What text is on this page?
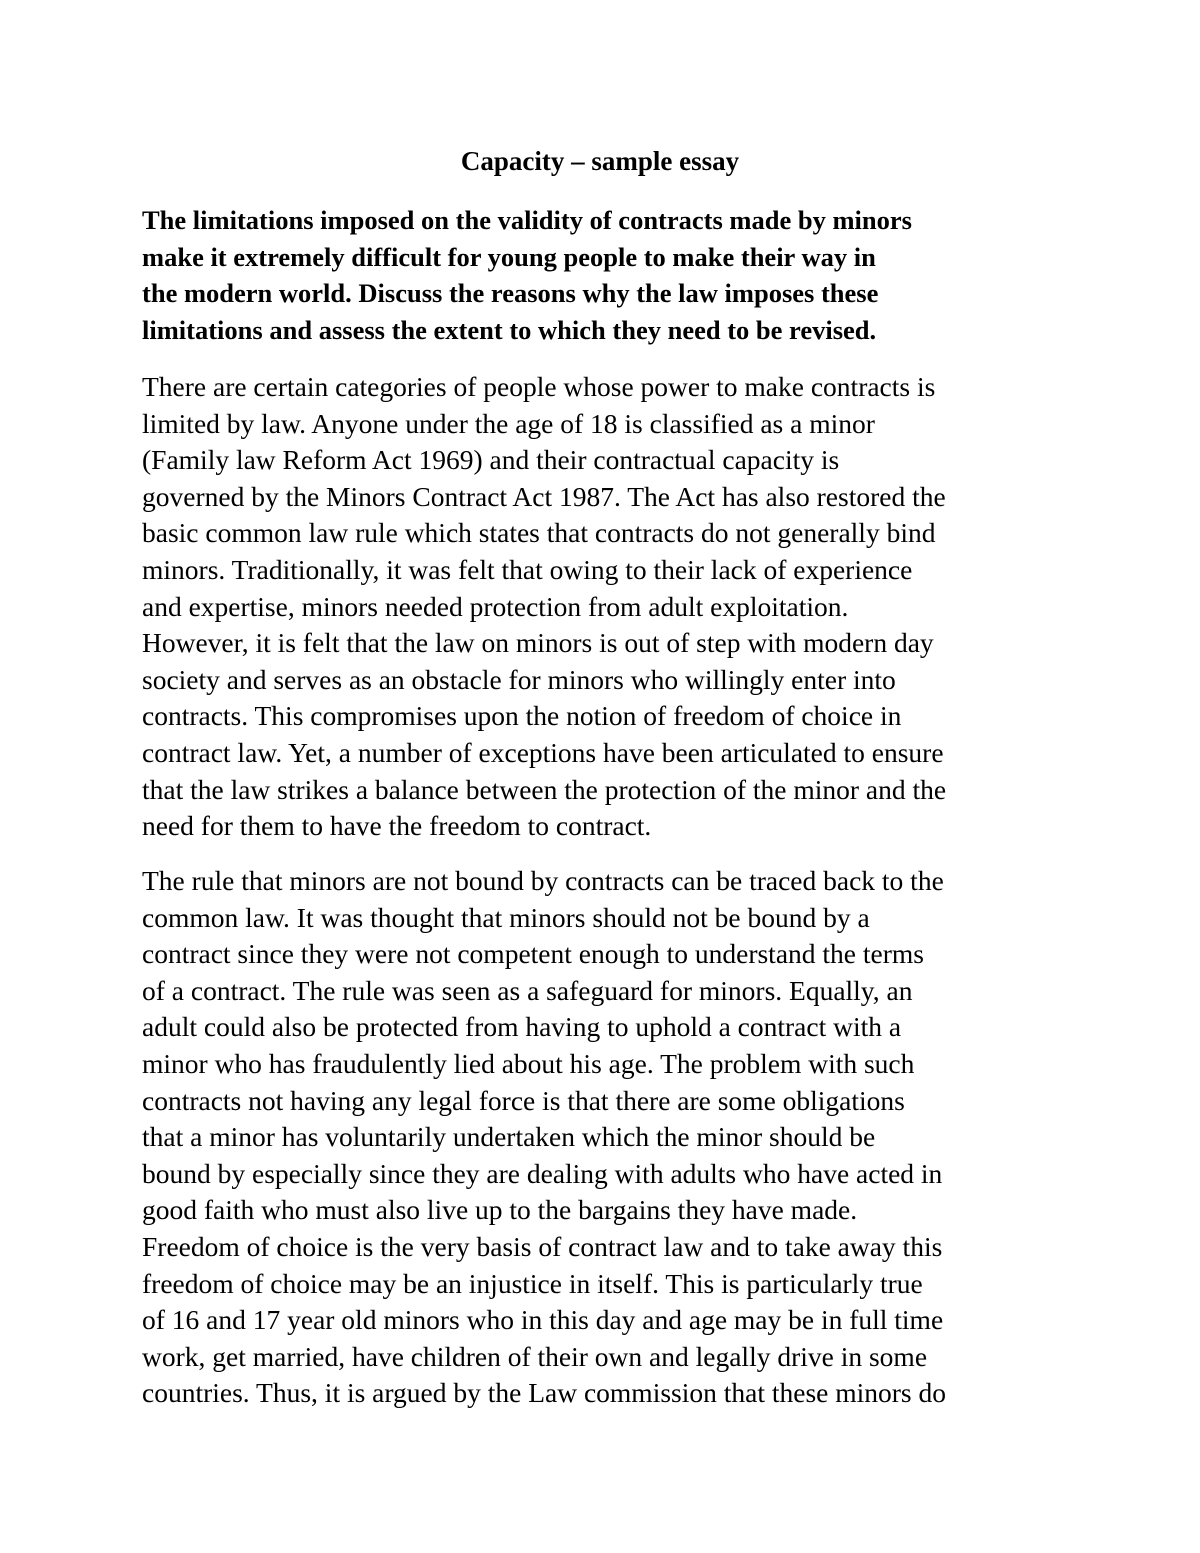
Capacity – sample essay
The limitations imposed on the validity of contracts made by minors
make it extremely difficult for young people to make their way in
the modern world. Discuss the reasons why the law imposes these
limitations and assess the extent to which they need to be revised.
There are certain categories of people whose power to make contracts is
limited by law. Anyone under the age of 18 is classified as a minor
(Family law Reform Act 1969) and their contractual capacity is
governed by the Minors Contract Act 1987. The Act has also restored the
basic common law rule which states that contracts do not generally bind
minors. Traditionally, it was felt that owing to their lack of experience
and expertise, minors needed protection from adult exploitation.
However, it is felt that the law on minors is out of step with modern day
society and serves as an obstacle for minors who willingly enter into
contracts. This compromises upon the notion of freedom of choice in
contract law. Yet, a number of exceptions have been articulated to ensure
that the law strikes a balance between the protection of the minor and the
need for them to have the freedom to contract.
The rule that minors are not bound by contracts can be traced back to the
common law. It was thought that minors should not be bound by a
contract since they were not competent enough to understand the terms
of a contract. The rule was seen as a safeguard for minors. Equally, an
adult could also be protected from having to uphold a contract with a
minor who has fraudulently lied about his age. The problem with such
contracts not having any legal force is that there are some obligations
that a minor has voluntarily undertaken which the minor should be
bound by especially since they are dealing with adults who have acted in
good faith who must also live up to the bargains they have made.
Freedom of choice is the very basis of contract law and to take away this
freedom of choice may be an injustice in itself. This is particularly true
of 16 and 17 year old minors who in this day and age may be in full time
work, get married, have children of their own and legally drive in some
countries. Thus, it is argued by the Law commission that these minors do
